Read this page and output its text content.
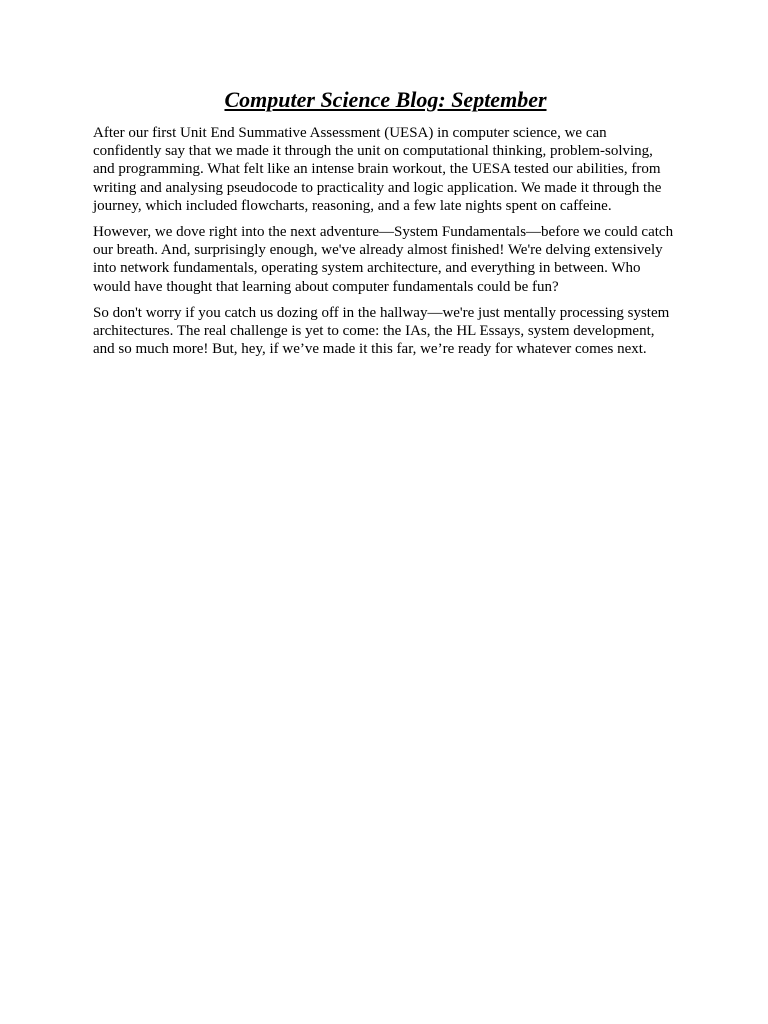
Computer Science Blog: September

After our first Unit End Summative Assessment (UESA) in computer science, we can confidently say that we made it through the unit on computational thinking, problem-solving, and programming. What felt like an intense brain workout, the UESA tested our abilities, from writing and analysing pseudocode to practicality and logic application. We made it through the journey, which included flowcharts, reasoning, and a few late nights spent on caffeine.

However, we dove right into the next adventure—System Fundamentals—before we could catch our breath. And, surprisingly enough, we've already almost finished! We're delving extensively into network fundamentals, operating system architecture, and everything in between. Who would have thought that learning about computer fundamentals could be fun?

So don't worry if you catch us dozing off in the hallway—we're just mentally processing system architectures. The real challenge is yet to come: the IAs, the HL Essays, system development, and so much more! But, hey, if we’ve made it this far, we’re ready for whatever comes next.
